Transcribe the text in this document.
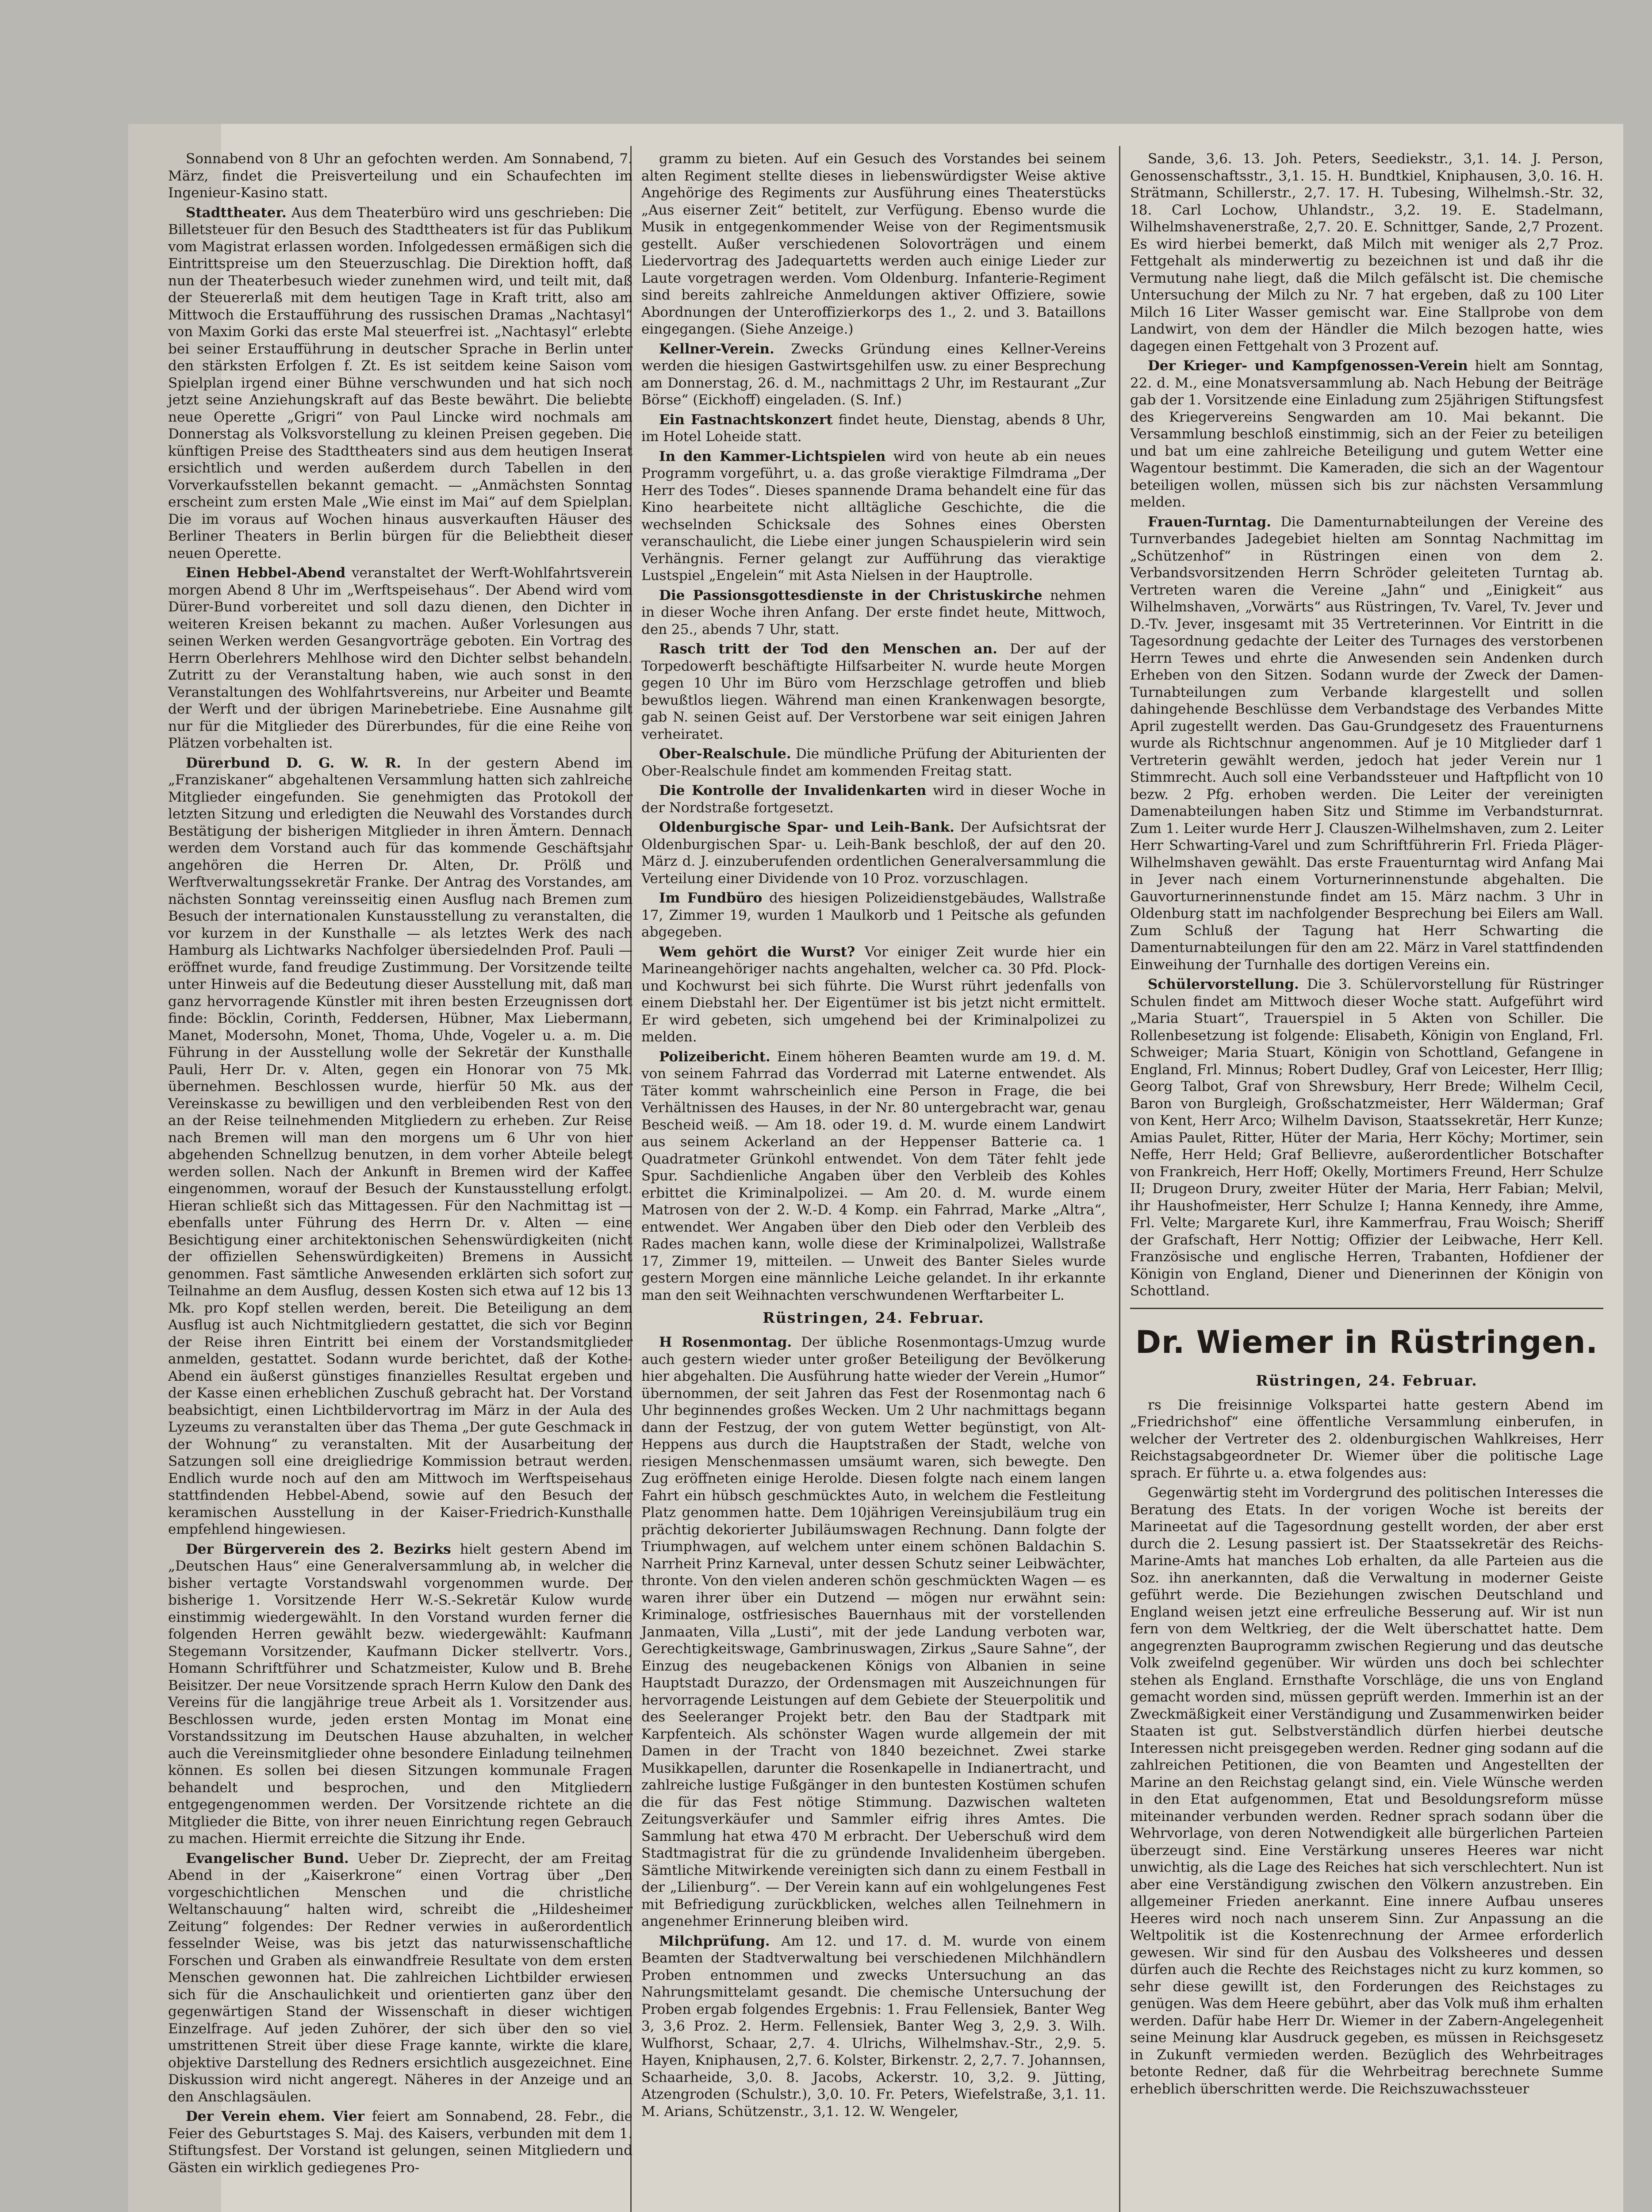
Sonnabend von 8 Uhr an gefochten werden. Am Sonnabend, 7. März, findet die Preisverteilung und ein Schaufechten im Ingenieur-Kasino statt.

Stadttheater. Aus dem Theaterbüro wird uns geschrieben: Die Billetsteuer für den Besuch des Stadttheaters ist für das Publikum vom Magistrat erlassen worden. Infolgedessen ermäßigen sich die Eintrittspreise um den Steuerzuschlag. Die Direktion hofft, daß nun der Theaterbesuch wieder zunehmen wird, und teilt mit, daß der Steuererlaß mit dem heutigen Tage in Kraft tritt, also am Mittwoch die Erstaufführung des russischen Dramas „Nachtasyl“ von Maxim Gorki das erste Mal steuerfrei ist. „Nachtasyl“ erlebte bei seiner Erstaufführung in deutscher Sprache in Berlin unter den stärksten Erfolgen f. Zt. Es ist seitdem keine Saison vom Spielplan irgend einer Bühne verschwunden und hat sich noch jetzt seine Anziehungskraft auf das Beste bewährt. Die beliebte neue Operette „Grigri“ von Paul Lincke wird nochmals am Donnerstag als Volksvorstellung zu kleinen Preisen gegeben. Die künftigen Preise des Stadttheaters sind aus dem heutigen Inserat ersichtlich und werden außerdem durch Tabellen in den Vorverkaufsstellen bekannt gemacht. — „Anmächsten Sonntag erscheint zum ersten Male „Wie einst im Mai“ auf dem Spielplan. Die im voraus auf Wochen hinaus ausverkauften Häuser des Berliner Theaters in Berlin bürgen für die Beliebtheit dieser neuen Operette.

Einen Hebbel-Abend veranstaltet der Werft-Wohlfahrtsverein morgen Abend 8 Uhr im „Werftspeisehaus“. Der Abend wird vom Dürer-Bund vorbereitet und soll dazu dienen, den Dichter in weiteren Kreisen bekannt zu machen. Außer Vorlesungen aus seinen Werken werden Gesangvorträge geboten. Ein Vortrag des Herrn Oberlehrers Mehlhose wird den Dichter selbst behandeln. Zutritt zu der Veranstaltung haben, wie auch sonst in den Veranstaltungen des Wohlfahrtsvereins, nur Arbeiter und Beamte der Werft und der übrigen Marinebetriebe. Eine Ausnahme gilt nur für die Mitglieder des Dürerbundes, für die eine Reihe von Plätzen vorbehalten ist.

Dürerbund D. G. W. R. In der gestern Abend im „Franziskaner“ abgehaltenen Versammlung hatten sich zahlreiche Mitglieder eingefunden. Sie genehmigten das Protokoll der letzten Sitzung und erledigten die Neuwahl des Vorstandes durch Bestätigung der bisherigen Mitglieder in ihren Ämtern. Dennach werden dem Vorstand auch für das kommende Geschäftsjahr angehören die Herren Dr. Alten, Dr. Prölß und Werftverwaltungssekretär Franke. Der Antrag des Vorstandes, am nächsten Sonntag vereinsseitig einen Ausflug nach Bremen zum Besuch der internationalen Kunstausstellung zu veranstalten, die vor kurzem in der Kunsthalle — als letztes Werk des nach Hamburg als Lichtwarks Nachfolger übersiedelnden Prof. Pauli — eröffnet wurde, fand freudige Zustimmung. Der Vorsitzende teilte unter Hinweis auf die Bedeutung dieser Ausstellung mit, daß man ganz hervorragende Künstler mit ihren besten Erzeugnissen dort finde: Böcklin, Corinth, Feddersen, Hübner, Max Liebermann, Manet, Modersohn, Monet, Thoma, Uhde, Vogeler u. a. m. Die Führung in der Ausstellung wolle der Sekretär der Kunsthalle Pauli, Herr Dr. v. Alten, gegen ein Honorar von 75 Mk. übernehmen. Beschlossen wurde, hierfür 50 Mk. aus der Vereinskasse zu bewilligen und den verbleibenden Rest von den an der Reise teilnehmenden Mitgliedern zu erheben. Zur Reise nach Bremen will man den morgens um 6 Uhr von hier abgehenden Schnellzug benutzen, in dem vorher Abteile belegt werden sollen. Nach der Ankunft in Bremen wird der Kaffee eingenommen, worauf der Besuch der Kunstausstellung erfolgt. Hieran schließt sich das Mittagessen. Für den Nachmittag ist — ebenfalls unter Führung des Herrn Dr. v. Alten — eine Besichtigung einer architektonischen Sehenswürdigkeiten (nicht der offiziellen Sehenswürdigkeiten) Bremens in Aussicht genommen. Fast sämtliche Anwesenden erklärten sich sofort zur Teilnahme an dem Ausflug, dessen Kosten sich etwa auf 12 bis 13 Mk. pro Kopf stellen werden, bereit. Die Beteiligung an dem Ausflug ist auch Nichtmitgliedern gestattet, die sich vor Beginn der Reise ihren Eintritt bei einem der Vorstandsmitglieder anmelden, gestattet. Sodann wurde berichtet, daß der Kothe-Abend ein äußerst günstiges finanzielles Resultat ergeben und der Kasse einen erheblichen Zuschuß gebracht hat. Der Vorstand beabsichtigt, einen Lichtbildervortrag im März in der Aula des Lyzeums zu veranstalten über das Thema „Der gute Geschmack in der Wohnung“ zu veranstalten. Mit der Ausarbeitung der Satzungen soll eine dreigliedrige Kommission betraut werden. Endlich wurde noch auf den am Mittwoch im Werftspeisehaus stattfindenden Hebbel-Abend, sowie auf den Besuch der keramischen Ausstellung in der Kaiser-Friedrich-Kunsthalle empfehlend hingewiesen.

Der Bürgerverein des 2. Bezirks hielt gestern Abend im „Deutschen Haus“ eine Generalversammlung ab, in welcher die bisher vertagte Vorstandswahl vorgenommen wurde. Der bisherige 1. Vorsitzende Herr W.-S.-Sekretär Kulow wurde einstimmig wiedergewählt. In den Vorstand wurden ferner die folgenden Herren gewählt bezw. wiedergewählt: Kaufmann Stegemann Vorsitzender, Kaufmann Dicker stellvertr. Vors., Homann Schriftführer und Schatzmeister, Kulow und B. Brehe Beisitzer. Der neue Vorsitzende sprach Herrn Kulow den Dank des Vereins für die langjährige treue Arbeit als 1. Vorsitzender aus. Beschlossen wurde, jeden ersten Montag im Monat eine Vorstandssitzung im Deutschen Hause abzuhalten, in welcher auch die Vereinsmitglieder ohne besondere Einladung teilnehmen können. Es sollen bei diesen Sitzungen kommunale Fragen behandelt und besprochen, und den Mitgliedern entgegengenommen werden. Der Vorsitzende richtete an die Mitglieder die Bitte, von ihrer neuen Einrichtung regen Gebrauch zu machen. Hiermit erreichte die Sitzung ihr Ende.

Evangelischer Bund. Ueber Dr. Zieprecht, der am Freitag Abend in der „Kaiserkrone“ einen Vortrag über „Den vorgeschichtlichen Menschen und die christliche Weltanschauung“ halten wird, schreibt die „Hildesheimer Zeitung“ folgendes: Der Redner verwies in außerordentlich fesselnder Weise, was bis jetzt das naturwissenschaftliche Forschen und Graben als einwandfreie Resultate von dem ersten Menschen gewonnen hat. Die zahlreichen Lichtbilder erwiesen sich für die Anschaulichkeit und orientierten ganz über den gegenwärtigen Stand der Wissenschaft in dieser wichtigen Einzelfrage. Auf jeden Zuhörer, der sich über den so viel umstrittenen Streit über diese Frage kannte, wirkte die klare, objektive Darstellung des Redners ersichtlich ausgezeichnet. Eine Diskussion wird nicht angeregt. Näheres in der Anzeige und an den Anschlagsäulen.

Der Verein ehem. Vier feiert am Sonnabend, 28. Febr., die Feier des Geburtstages S. Maj. des Kaisers, verbunden mit dem 1. Stiftungsfest. Der Vorstand ist gelungen, seinen Mitgliedern und Gästen ein wirklich gediegenes Pro-

gramm zu bieten. Auf ein Gesuch des Vorstandes bei seinem alten Regiment stellte dieses in liebenswürdigster Weise aktive Angehörige des Regiments zur Ausführung eines Theaterstücks „Aus eiserner Zeit“ betitelt, zur Verfügung. Ebenso wurde die Musik in entgegenkommender Weise von der Regimentsmusik gestellt. Außer verschiedenen Solovorträgen und einem Liedervortrag des Jadequartetts werden auch einige Lieder zur Laute vorgetragen werden. Vom Oldenburg. Infanterie-Regiment sind bereits zahlreiche Anmeldungen aktiver Offiziere, sowie Abordnungen der Unteroffizierkorps des 1., 2. und 3. Bataillons eingegangen. (Siehe Anzeige.)

Kellner-Verein. Zwecks Gründung eines Kellner-Vereins werden die hiesigen Gastwirtsgehilfen usw. zu einer Besprechung am Donnerstag, 26. d. M., nachmittags 2 Uhr, im Restaurant „Zur Börse“ (Eickhoff) eingeladen. (S. Inf.)

Ein Fastnachtskonzert findet heute, Dienstag, abends 8 Uhr, im Hotel Loheide statt.

In den Kammer-Lichtspielen wird von heute ab ein neues Programm vorgeführt, u. a. das große vieraktige Filmdrama „Der Herr des Todes“. Dieses spannende Drama behandelt eine für das Kino hearbeitete nicht alltägliche Geschichte, die die wechselnden Schicksale des Sohnes eines Obersten veranschaulicht, die Liebe einer jungen Schauspielerin wird sein Verhängnis. Ferner gelangt zur Aufführung das vieraktige Lustspiel „Engelein“ mit Asta Nielsen in der Hauptrolle.

Die Passionsgottesdienste in der Christuskirche nehmen in dieser Woche ihren Anfang. Der erste findet heute, Mittwoch, den 25., abends 7 Uhr, statt.

Rasch tritt der Tod den Menschen an. Der auf der Torpedowerft beschäftigte Hilfsarbeiter N. wurde heute Morgen gegen 10 Uhr im Büro vom Herzschlage getroffen und blieb bewußtlos liegen. Während man einen Krankenwagen besorgte, gab N. seinen Geist auf. Der Verstorbene war seit einigen Jahren verheiratet.

Ober-Realschule. Die mündliche Prüfung der Abiturienten der Ober-Realschule findet am kommenden Freitag statt.

Die Kontrolle der Invalidenkarten wird in dieser Woche in der Nordstraße fortgesetzt.

Oldenburgische Spar- und Leih-Bank. Der Aufsichtsrat der Oldenburgischen Spar- u. Leih-Bank beschloß, der auf den 20. März d. J. einzuberufenden ordentlichen Generalversammlung die Verteilung einer Dividende von 10 Proz. vorzuschlagen.

Im Fundbüro des hiesigen Polizeidienstgebäudes, Wallstraße 17, Zimmer 19, wurden 1 Maulkorb und 1 Peitsche als gefunden abgegeben.

Wem gehört die Wurst? Vor einiger Zeit wurde hier ein Marineangehöriger nachts angehalten, welcher ca. 30 Pfd. Plock- und Kochwurst bei sich führte. Die Wurst rührt jedenfalls von einem Diebstahl her. Der Eigentümer ist bis jetzt nicht ermittelt. Er wird gebeten, sich umgehend bei der Kriminalpolizei zu melden.

Polizeibericht. Einem höheren Beamten wurde am 19. d. M. von seinem Fahrrad das Vorderrad mit Laterne entwendet. Als Täter kommt wahrscheinlich eine Person in Frage, die bei Verhältnissen des Hauses, in der Nr. 80 untergebracht war, genau Bescheid weiß. — Am 18. oder 19. d. M. wurde einem Landwirt aus seinem Ackerland an der Heppenser Batterie ca. 1 Quadratmeter Grünkohl entwendet. Von dem Täter fehlt jede Spur. Sachdienliche Angaben über den Verbleib des Kohles erbittet die Kriminalpolizei. — Am 20. d. M. wurde einem Matrosen von der 2. W.-D. 4 Komp. ein Fahrrad, Marke „Altra“, entwendet. Wer Angaben über den Dieb oder den Verbleib des Rades machen kann, wolle diese der Kriminalpolizei, Wallstraße 17, Zimmer 19, mitteilen. — Unweit des Banter Sieles wurde gestern Morgen eine männliche Leiche gelandet. In ihr erkannte man den seit Weihnachten verschwundenen Werftarbeiter L.

Rüstringen, 24. Februar.

H Rosenmontag. Der übliche Rosenmontags-Umzug wurde auch gestern wieder unter großer Beteiligung der Bevölkerung hier abgehalten. Die Ausführung hatte wieder der Verein „Humor“ übernommen, der seit Jahren das Fest der Rosenmontag nach 6 Uhr beginnendes großes Wecken. Um 2 Uhr nachmittags begann dann der Festzug, der von gutem Wetter begünstigt, von Alt-Heppens aus durch die Hauptstraßen der Stadt, welche von riesigen Menschenmassen umsäumt waren, sich bewegte. Den Zug eröffneten einige Herolde. Diesen folgte nach einem langen Fahrt ein hübsch geschmücktes Auto, in welchem die Festleitung Platz genommen hatte. Dem 10jährigen Vereinsjubiläum trug ein prächtig dekorierter Jubiläumswagen Rechnung. Dann folgte der Triumphwagen, auf welchem unter einem schönen Baldachin S. Narrheit Prinz Karneval, unter dessen Schutz seiner Leibwächter, thronte. Von den vielen anderen schön geschmückten Wagen — es waren ihrer über ein Dutzend — mögen nur erwähnt sein: Kriminaloge, ostfriesisches Bauernhaus mit der vorstellenden Janmaaten, Villa „Lusti“, mit der jede Landung verboten war, Gerechtigkeitswage, Gambrinuswagen, Zirkus „Saure Sahne“, der Einzug des neugebackenen Königs von Albanien in seine Hauptstadt Durazzo, der Ordensmagen mit Auszeichnungen für hervorragende Leistungen auf dem Gebiete der Steuerpolitik und des Seeleranger Projekt betr. den Bau der Stadtpark mit Karpfenteich. Als schönster Wagen wurde allgemein der mit Damen in der Tracht von 1840 bezeichnet. Zwei starke Musikkapellen, darunter die Rosenkapelle in Indianertracht, und zahlreiche lustige Fußgänger in den buntesten Kostümen schufen die für das Fest nötige Stimmung. Dazwischen walteten Zeitungsverkäufer und Sammler eifrig ihres Amtes. Die Sammlung hat etwa 470 M erbracht. Der Ueberschuß wird dem Stadtmagistrat für die zu gründende Invalidenheim übergeben. Sämtliche Mitwirkende vereinigten sich dann zu einem Festball in der „Lilienburg“. — Der Verein kann auf ein wohlgelungenes Fest mit Befriedigung zurückblicken, welches allen Teilnehmern in angenehmer Erinnerung bleiben wird.

Milchprüfung. Am 12. und 17. d. M. wurde von einem Beamten der Stadtverwaltung bei verschiedenen Milchhändlern Proben entnommen und zwecks Untersuchung an das Nahrungsmittelamt gesandt. Die chemische Untersuchung der Proben ergab folgendes Ergebnis: 1. Frau Fellensiek, Banter Weg 3, 3,6 Proz. 2. Herm. Fellensiek, Banter Weg 3, 2,9. 3. Wilh. Wulfhorst, Schaar, 2,7. 4. Ulrichs, Wilhelmshav.-Str., 2,9. 5. Hayen, Kniphausen, 2,7. 6. Kolster, Birkenstr. 2, 2,7. 7. Johannsen, Schaarheide, 3,0. 8. Jacobs, Ackerstr. 10, 3,2. 9. Jütting, Atzengroden (Schulstr.), 3,0. 10. Fr. Peters, Wiefelstraße, 3,1. 11. M. Arians, Schützenstr., 3,1. 12. W. Wengeler,

Sande, 3,6. 13. Joh. Peters, Seediekstr., 3,1. 14. J. Person, Genossenschaftsstr., 3,1. 15. H. Bundtkiel, Kniphausen, 3,0. 16. H. Strätmann, Schillerstr., 2,7. 17. H. Tubesing, Wilhelmsh.-Str. 32, 18. Carl Lochow, Uhlandstr., 3,2. 19. E. Stadelmann, Wilhelmshavenerstraße, 2,7. 20. E. Schnittger, Sande, 2,7 Prozent. Es wird hierbei bemerkt, daß Milch mit weniger als 2,7 Proz. Fettgehalt als minderwertig zu bezeichnen ist und daß ihr die Vermutung nahe liegt, daß die Milch gefälscht ist. Die chemische Untersuchung der Milch zu Nr. 7 hat ergeben, daß zu 100 Liter Milch 16 Liter Wasser gemischt war. Eine Stallprobe von dem Landwirt, von dem der Händler die Milch bezogen hatte, wies dagegen einen Fettgehalt von 3 Prozent auf.

Der Krieger- und Kampfgenossen-Verein hielt am Sonntag, 22. d. M., eine Monatsversammlung ab. Nach Hebung der Beiträge gab der 1. Vorsitzende eine Einladung zum 25jährigen Stiftungsfest des Kriegervereins Sengwarden am 10. Mai bekannt. Die Versammlung beschloß einstimmig, sich an der Feier zu beteiligen und bat um eine zahlreiche Beteiligung und gutem Wetter eine Wagentour bestimmt. Die Kameraden, die sich an der Wagentour beteiligen wollen, müssen sich bis zur nächsten Versammlung melden.

Frauen-Turntag. Die Damenturnabteilungen der Vereine des Turnverbandes Jadegebiet hielten am Sonntag Nachmittag im „Schützenhof“ in Rüstringen einen von dem 2. Verbandsvorsitzenden Herrn Schröder geleiteten Turntag ab. Vertreten waren die Vereine „Jahn“ und „Einigkeit“ aus Wilhelmshaven, „Vorwärts“ aus Rüstringen, Tv. Varel, Tv. Jever und D.-Tv. Jever, insgesamt mit 35 Vertreterinnen. Vor Eintritt in die Tagesordnung gedachte der Leiter des Turnages des verstorbenen Herrn Tewes und ehrte die Anwesenden sein Andenken durch Erheben von den Sitzen. Sodann wurde der Zweck der Damen-Turnabteilungen zum Verbande klargestellt und sollen dahingehende Beschlüsse dem Verbandstage des Verbandes Mitte April zugestellt werden. Das Gau-Grundgesetz des Frauenturnens wurde als Richtschnur angenommen. Auf je 10 Mitglieder darf 1 Vertreterin gewählt werden, jedoch hat jeder Verein nur 1 Stimmrecht. Auch soll eine Verbandssteuer und Haftpflicht von 10 bezw. 2 Pfg. erhoben werden. Die Leiter der vereinigten Damenabteilungen haben Sitz und Stimme im Verbandsturnrat. Zum 1. Leiter wurde Herr J. Clauszen-Wilhelmshaven, zum 2. Leiter Herr Schwarting-Varel und zum Schriftführerin Frl. Frieda Pläger-Wilhelmshaven gewählt. Das erste Frauenturntag wird Anfang Mai in Jever nach einem Vorturnerinnenstunde abgehalten. Die Gauvorturnerinnenstunde findet am 15. März nachm. 3 Uhr in Oldenburg statt im nachfolgender Besprechung bei Eilers am Wall. Zum Schluß der Tagung hat Herr Schwarting die Damenturnabteilungen für den am 22. März in Varel stattfindenden Einweihung der Turnhalle des dortigen Vereins ein.

Schülervorstellung. Die 3. Schülervorstellung für Rüstringer Schulen findet am Mittwoch dieser Woche statt. Aufgeführt wird „Maria Stuart“, Trauerspiel in 5 Akten von Schiller. Die Rollenbesetzung ist folgende: Elisabeth, Königin von England, Frl. Schweiger; Maria Stuart, Königin von Schottland, Gefangene in England, Frl. Minnus; Robert Dudley, Graf von Leicester, Herr Illig; Georg Talbot, Graf von Shrewsbury, Herr Brede; Wilhelm Cecil, Baron von Burgleigh, Großschatzmeister, Herr Wälderman; Graf von Kent, Herr Arco; Wilhelm Davison, Staatssekretär, Herr Kunze; Amias Paulet, Ritter, Hüter der Maria, Herr Köchy; Mortimer, sein Neffe, Herr Held; Graf Bellievre, außerordentlicher Botschafter von Frankreich, Herr Hoff; Okelly, Mortimers Freund, Herr Schulze II; Drugeon Drury, zweiter Hüter der Maria, Herr Fabian; Melvil, ihr Haushofmeister, Herr Schulze I; Hanna Kennedy, ihre Amme, Frl. Velte; Margarete Kurl, ihre Kammerfrau, Frau Woisch; Sheriff der Grafschaft, Herr Nottig; Offizier der Leibwache, Herr Kell. Französische und englische Herren, Trabanten, Hofdiener der Königin von England, Diener und Dienerinnen der Königin von Schottland.

Dr. Wiemer in Rüstringen.
Rüstringen, 24. Februar.

rs Die freisinnige Volkspartei hatte gestern Abend im „Friedrichshof“ eine öffentliche Versammlung einberufen, in welcher der Vertreter des 2. oldenburgischen Wahlkreises, Herr Reichstagsabgeordneter Dr. Wiemer über die politische Lage sprach. Er führte u. a. etwa folgendes aus:

Gegenwärtig steht im Vordergrund des politischen Interesses die Beratung des Etats. In der vorigen Woche ist bereits der Marineetat auf die Tagesordnung gestellt worden, der aber erst durch die 2. Lesung passiert ist. Der Staatssekretär des Reichs-Marine-Amts hat manches Lob erhalten, da alle Parteien aus die Soz. ihn anerkannten, daß die Verwaltung in moderner Geiste geführt werde. Die Beziehungen zwischen Deutschland und England weisen jetzt eine erfreuliche Besserung auf. Wir ist nun fern von dem Weltkrieg, der die Welt überschattet hatte. Dem angegrenzten Bauprogramm zwischen Regierung und das deutsche Volk zweifelnd gegenüber. Wir würden uns doch bei schlechter stehen als England. Ernsthafte Vorschläge, die uns von England gemacht worden sind, müssen geprüft werden. Immerhin ist an der Zweckmäßigkeit einer Verständigung und Zusammenwirken beider Staaten ist gut. Selbstverständlich dürfen hierbei deutsche Interessen nicht preisgegeben werden. Redner ging sodann auf die zahlreichen Petitionen, die von Beamten und Angestellten der Marine an den Reichstag gelangt sind, ein. Viele Wünsche werden in den Etat aufgenommen, Etat und Besoldungsreform müsse miteinander verbunden werden. Redner sprach sodann über die Wehrvorlage, von deren Notwendigkeit alle bürgerlichen Parteien überzeugt sind. Eine Verstärkung unseres Heeres war nicht unwichtig, als die Lage des Reiches hat sich verschlechtert. Nun ist aber eine Verständigung zwischen den Völkern anzustreben. Ein allgemeiner Frieden anerkannt. Eine innere Aufbau unseres Heeres wird noch nach unserem Sinn. Zur Anpassung an die Weltpolitik ist die Kostenrechnung der Armee erforderlich gewesen. Wir sind für den Ausbau des Volksheeres und dessen dürfen auch die Rechte des Reichstages nicht zu kurz kommen, so sehr diese gewillt ist, den Forderungen des Reichstages zu genügen. Was dem Heere gebührt, aber das Volk muß ihm erhalten werden. Dafür habe Herr Dr. Wiemer in der Zabern-Angelegenheit seine Meinung klar Ausdruck gegeben, es müssen in Reichsgesetz in Zukunft vermieden werden. Bezüglich des Wehrbeitrages betonte Redner, daß für die Wehrbeitrag berechnete Summe erheblich überschritten werde. Die Reichszuwachssteuer
